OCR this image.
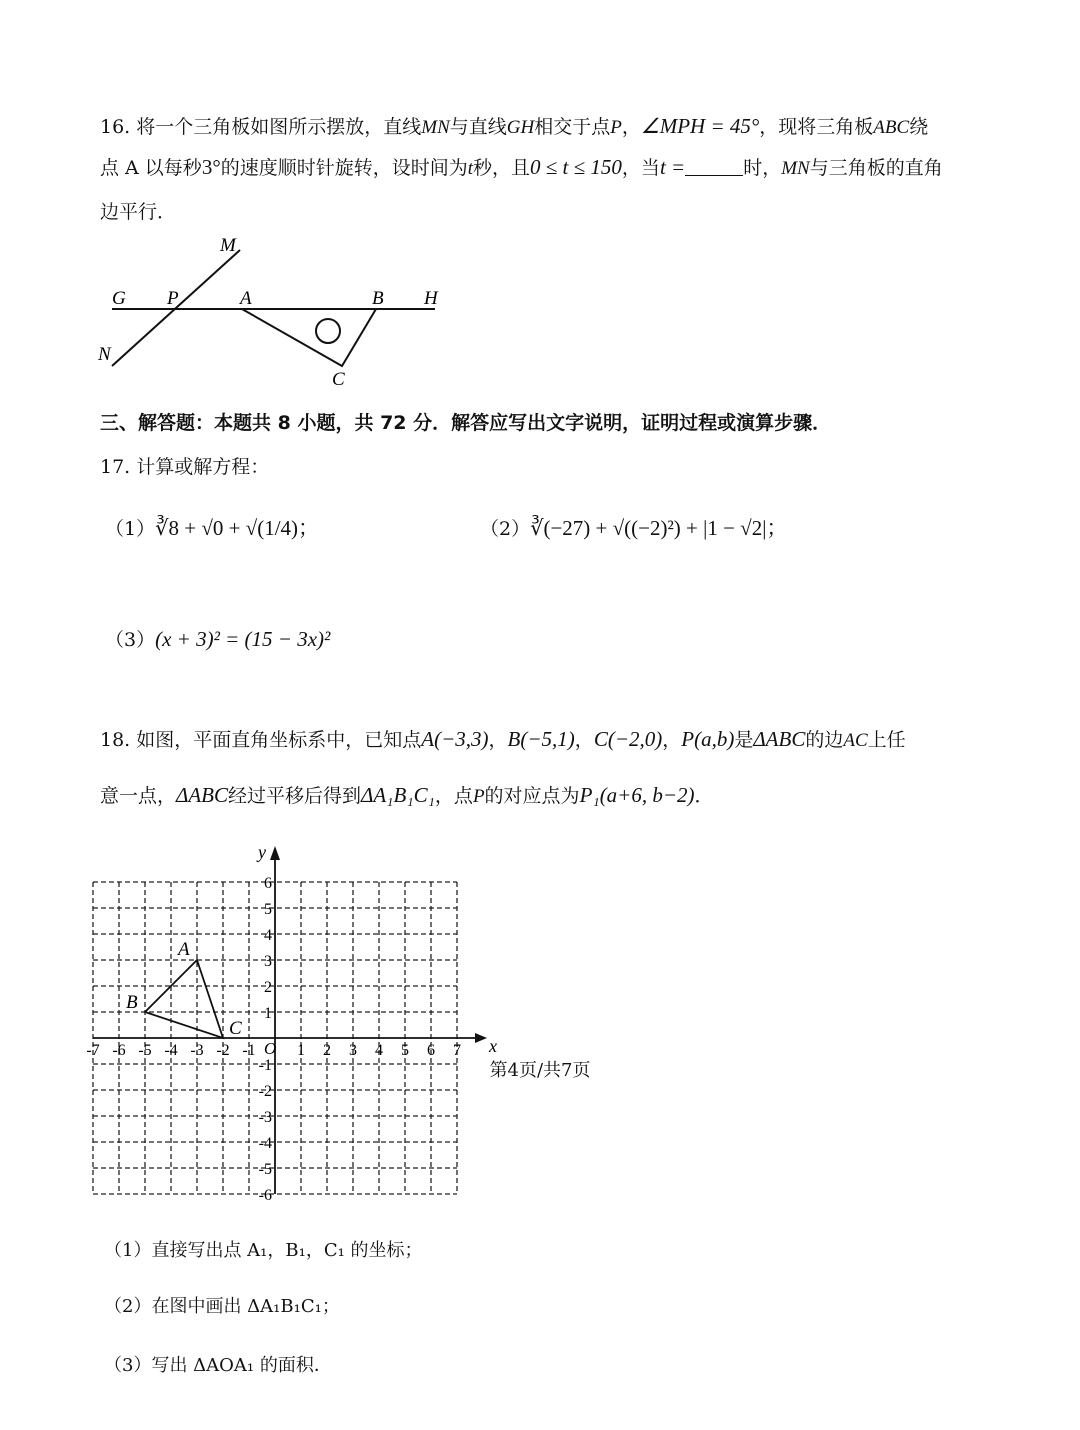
16. 将一个三角板如图所示摆放，直线MN与直线GH相交于点P，∠MPH = 45°，现将三角板ABC绕
点 A 以每秒3°的速度顺时针旋转，设时间为t秒，且0 ≤ t ≤ 150，当t =	时，MN与三角板的直角
边平行．
M
G P	A	B H
N
C
三、解答题：本题共 8 小题，共 72 分．解答应写出文字说明，证明过程或演算步骤．
17. 计算或解方程：
（1）∛8 + √0 + √(1/4)；	（2）∛(−27) + √((−2)²) + |1 − √2|；
（3）(x + 3)² = (15 − 3x)²
18. 如图，平面直角坐标系中，已知点A(−3,3)，B(−5,1)，C(−2,0)，P(a,b)是ΔABC的边AC上任
意一点，ΔABC经过平移后得到ΔA₁B₁C₁，点P的对应点为P₁(a+6, b−2)．
x
y
O
-7 -6 -5 -4 -3 -2 -1	1 2 3 4 5 6 7
6
5
4
3
2
1
-1
-2
-3
-4
-5
-6
A
B
C
（1）直接写出点 A₁，B₁，C₁ 的坐标；
（2）在图中画出 ΔA₁B₁C₁；
（3）写出 ΔAOA₁ 的面积．
第4页/共7页
